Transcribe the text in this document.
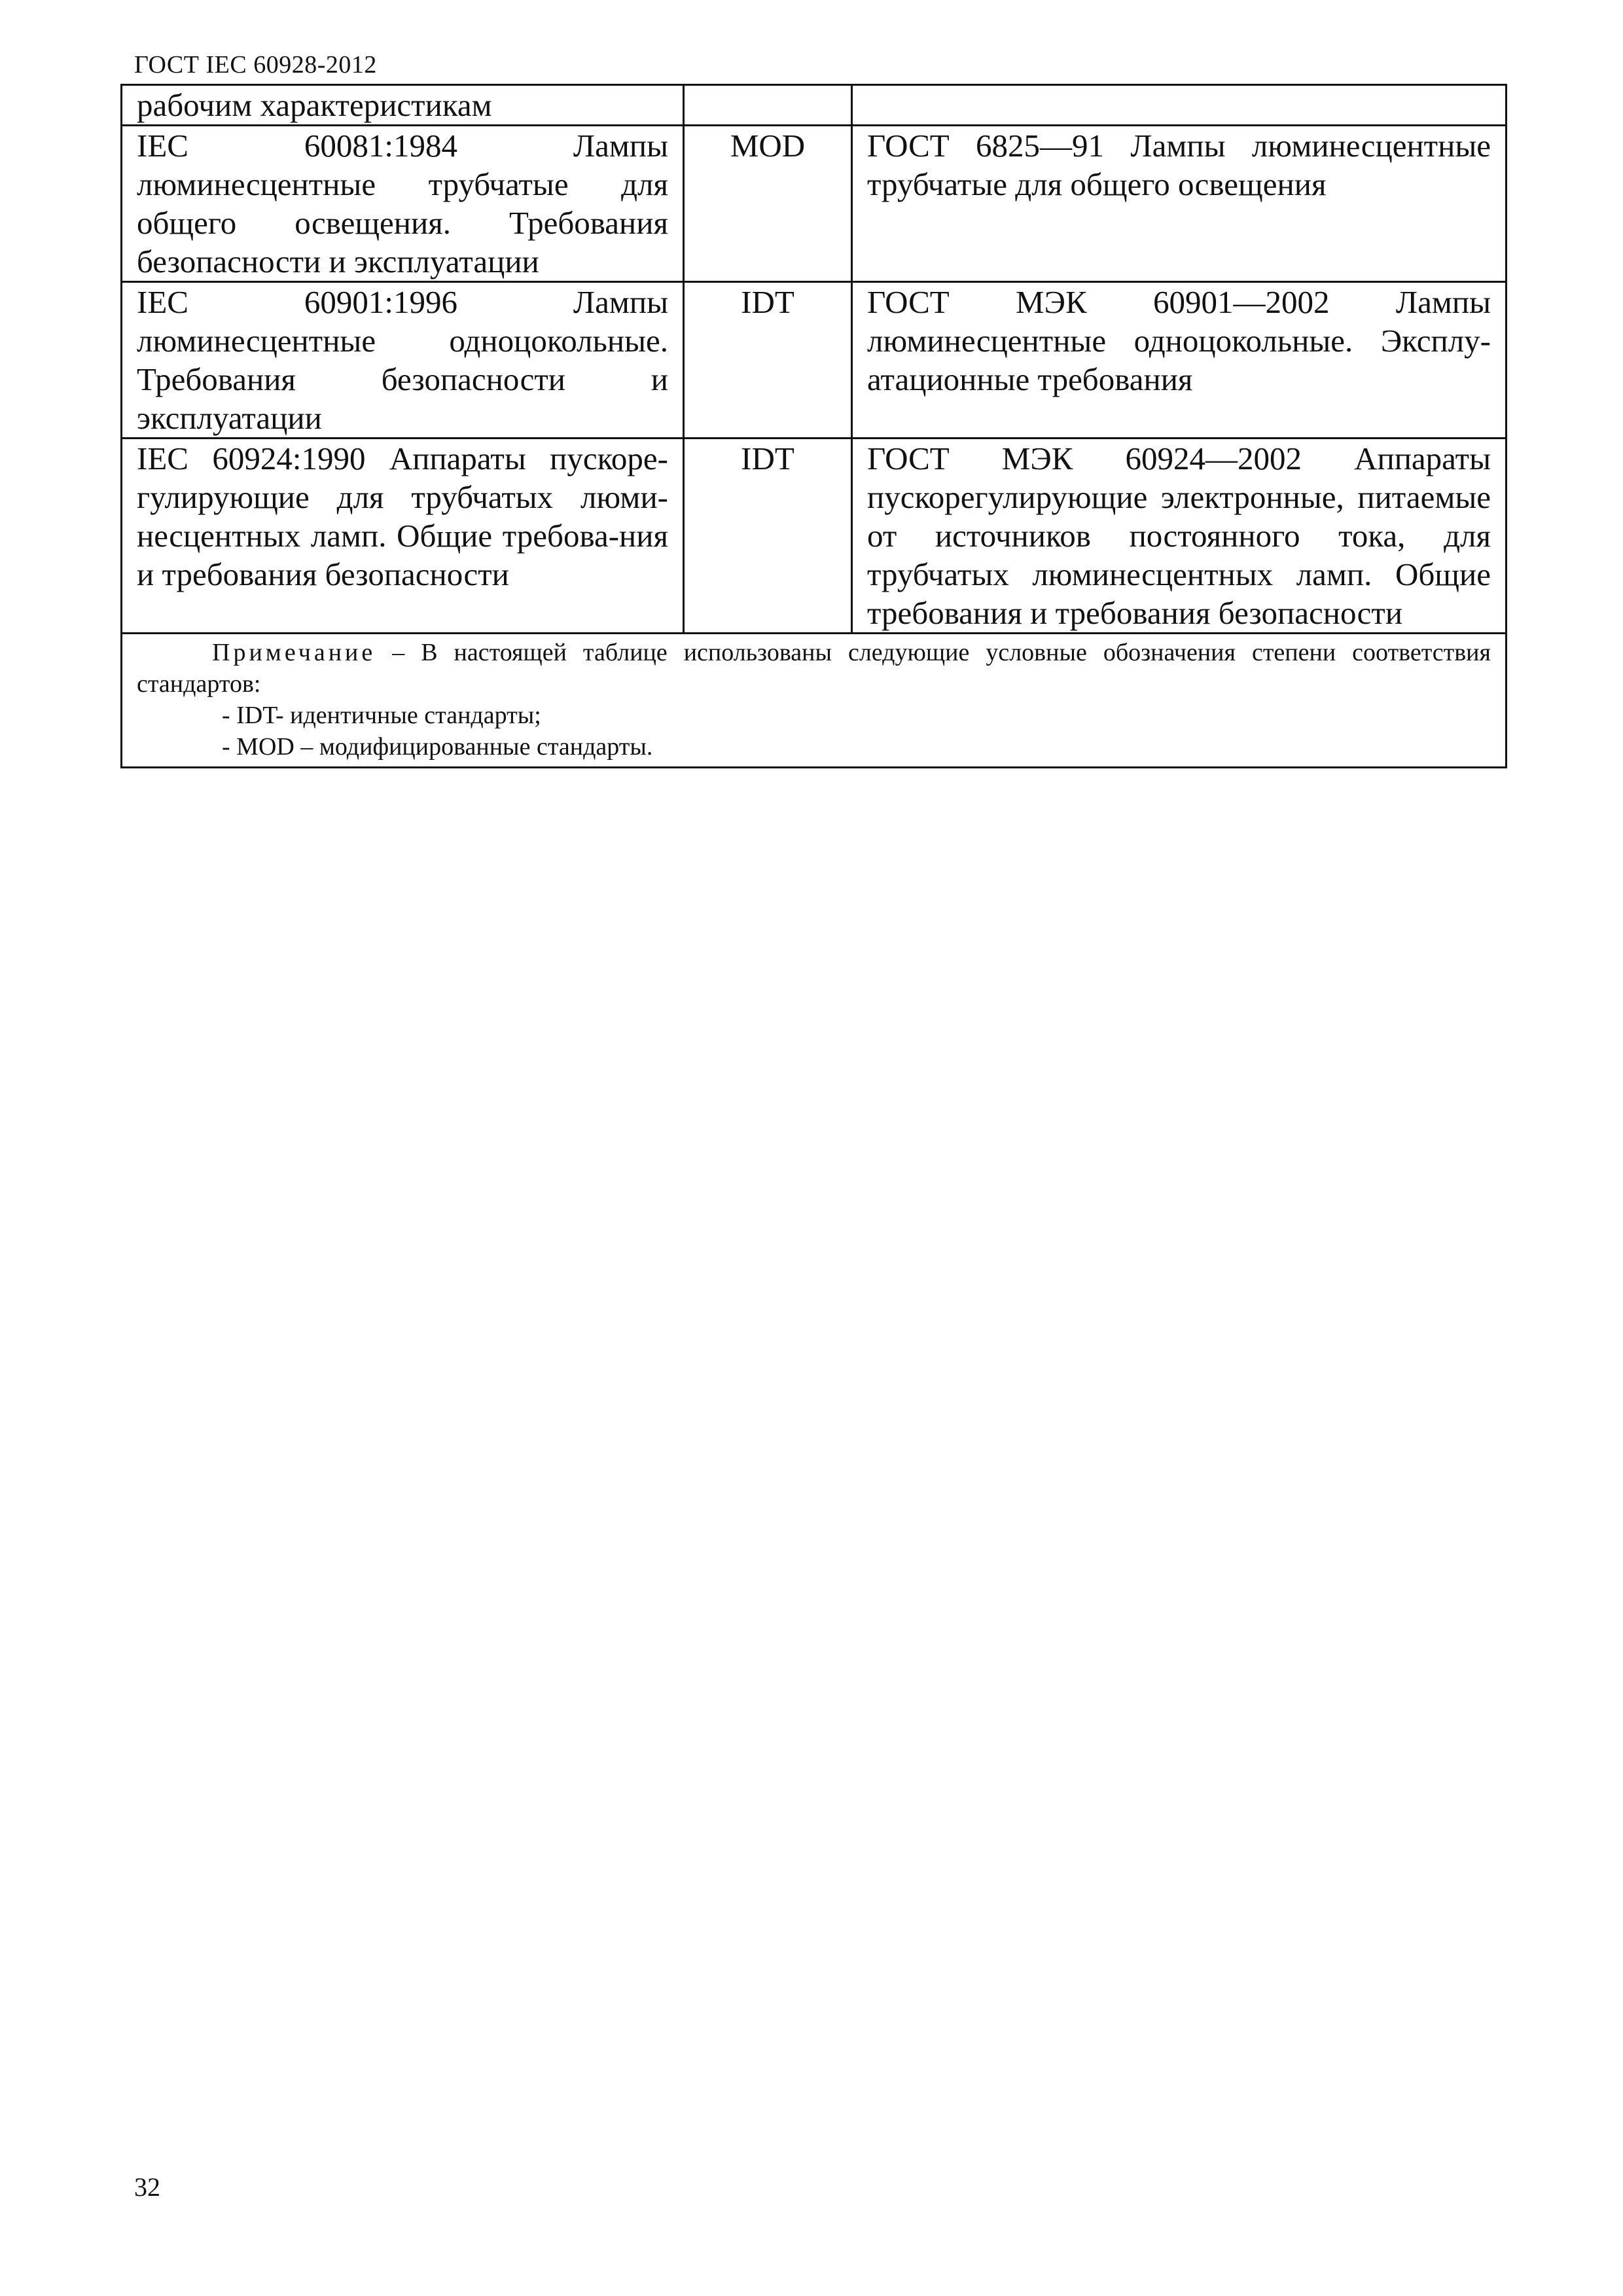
ГОСТ IEC 60928-2012
рабочим характеристикам		
IEC 60081:1984 Лампы люминесцентные трубчатые для общего освещения. Требования безопасности и эксплуатации	MOD	ГОСТ 6825—91 Лампы люминесцентные трубчатые для общего освещения
IEC 60901:1996 Лампы люминесцентные одноцокольные. Требования безопасности и эксплуатации	IDT	ГОСТ МЭК 60901—2002 Лампы люминесцентные одноцокольные. Эксплу-атационные требования
IEC 60924:1990 Аппараты пускоре-гулирующие для трубчатых люми-несцентных ламп. Общие требова-ния и требования безопасности	IDT	ГОСТ МЭК 60924—2002 Аппараты пускорегулирующие электронные, питаемые от источников постоянного тока, для трубчатых люминесцентных ламп. Общие требования и требования безопасности

Примечание – В настоящей таблице использованы следующие условные обозначения степени соответствия стандартов:
- IDT- идентичные стандарты;
- MOD – модифицированные стандарты.		
32
